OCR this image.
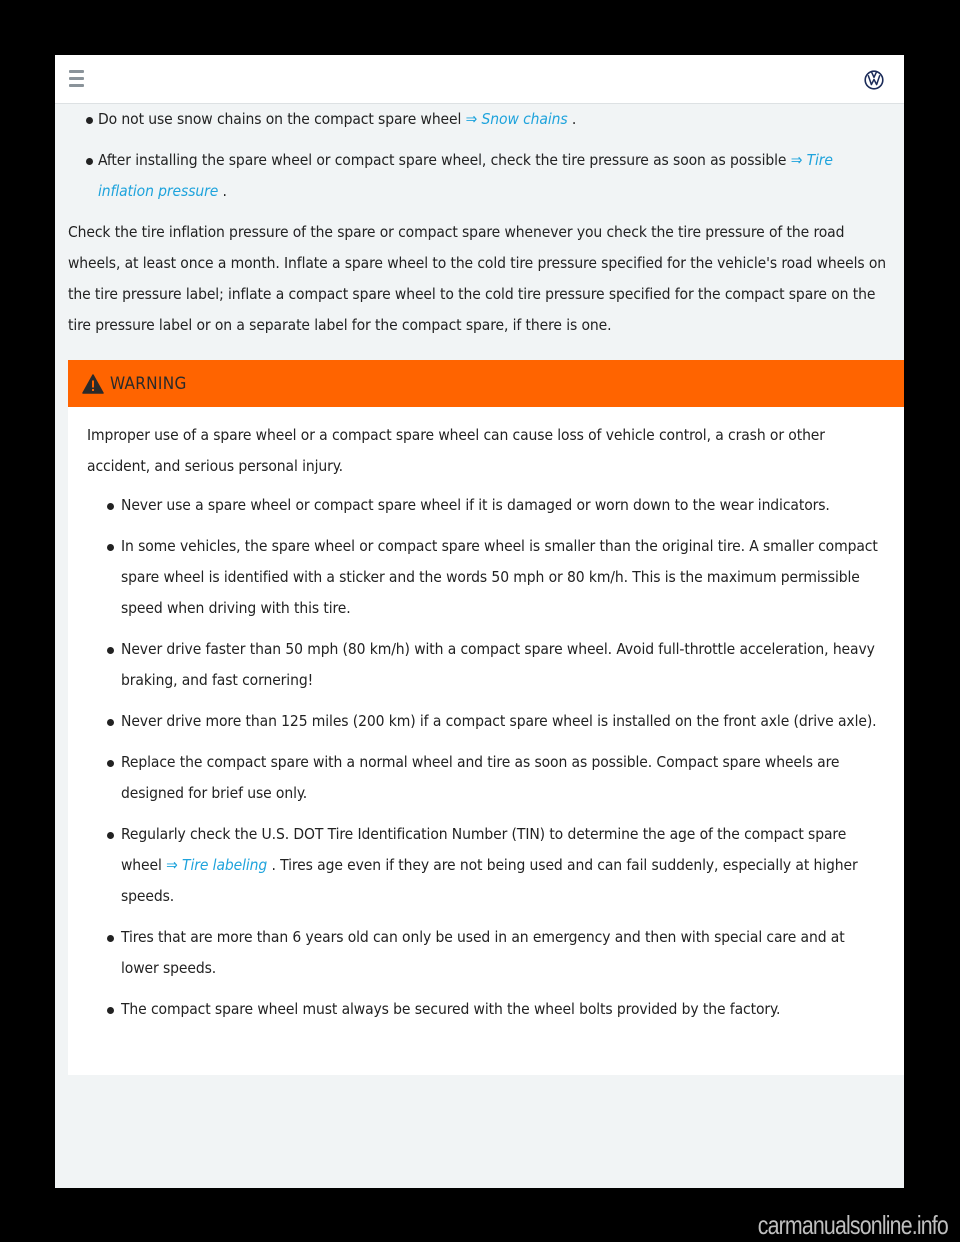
Do not use snow chains on the compact spare wheel ⇒ Snow chains .
After installing the spare wheel or compact spare wheel, check the tire pressure as soon as possible ⇒ Tire inflation pressure .

Check the tire inflation pressure of the spare or compact spare whenever you check the tire pressure of the road wheels, at least once a month. Inflate a spare wheel to the cold tire pressure specified for the vehicle's road wheels on the tire pressure label; inflate a compact spare wheel to the cold tire pressure specified for the compact spare on the tire pressure label or on a separate label for the compact spare, if there is one.

WARNING

Improper use of a spare wheel or a compact spare wheel can cause loss of vehicle control, a crash or other accident, and serious personal injury.

Never use a spare wheel or compact spare wheel if it is damaged or worn down to the wear indicators.
In some vehicles, the spare wheel or compact spare wheel is smaller than the original tire. A smaller compact spare wheel is identified with a sticker and the words 50 mph or 80 km/h. This is the maximum permissible speed when driving with this tire.
Never drive faster than 50 mph (80 km/h) with a compact spare wheel. Avoid full-throttle acceleration, heavy braking, and fast cornering!
Never drive more than 125 miles (200 km) if a compact spare wheel is installed on the front axle (drive axle).
Replace the compact spare with a normal wheel and tire as soon as possible. Compact spare wheels are designed for brief use only.
Regularly check the U.S. DOT Tire Identification Number (TIN) to determine the age of the compact spare wheel ⇒ Tire labeling . Tires age even if they are not being used and can fail suddenly, especially at higher speeds.
Tires that are more than 6 years old can only be used in an emergency and then with special care and at lower speeds.
The compact spare wheel must always be secured with the wheel bolts provided by the factory.
carmanualsonline.info
